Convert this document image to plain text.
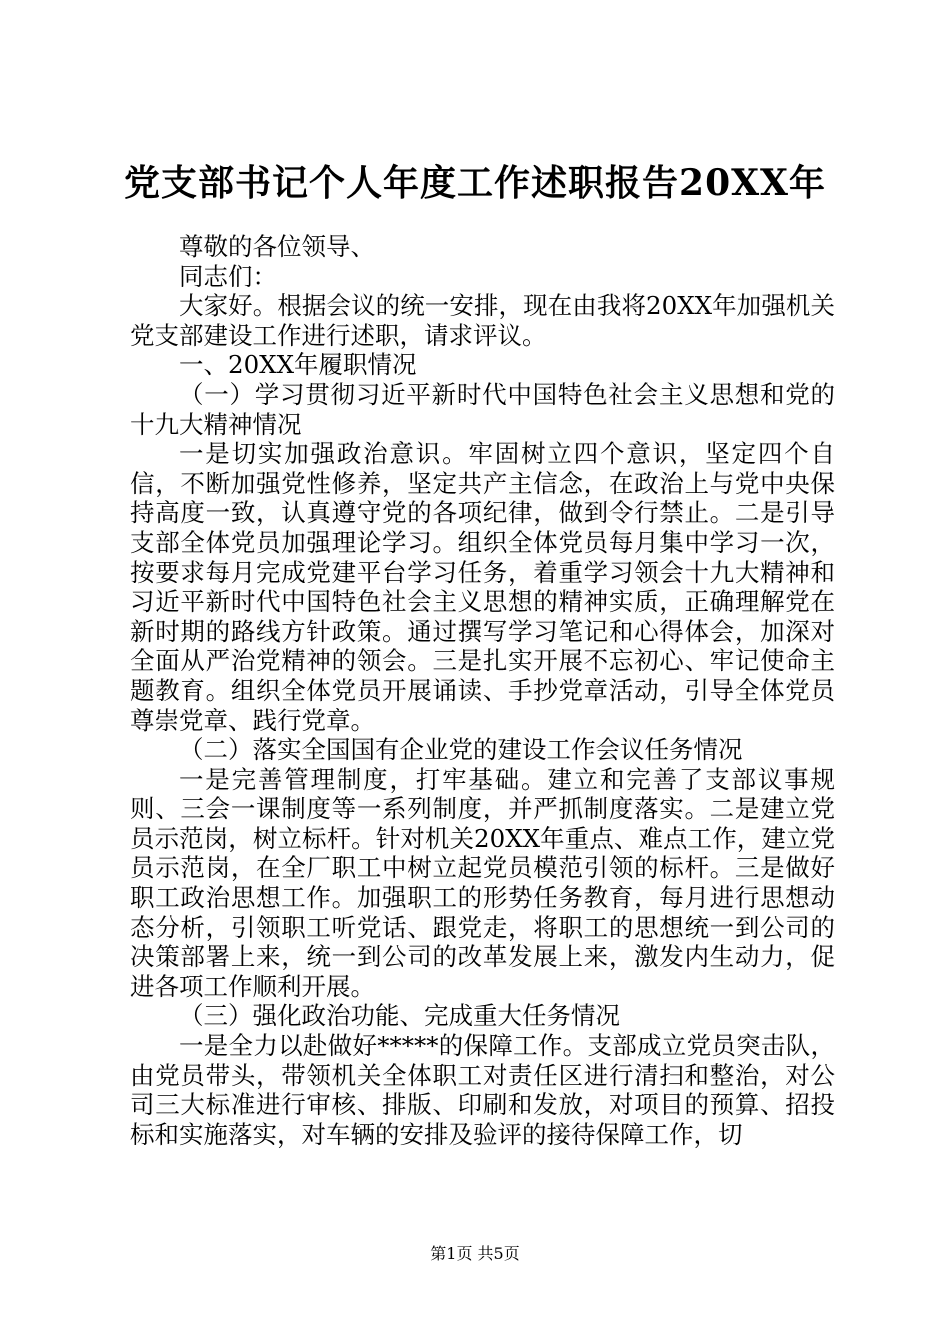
党支部书记个人年度工作述职报告20XX年

尊敬的各位领导、

同志们：

大家好。根据会议的统一安排，现在由我将20XX年加强机关党支部建设工作进行述职，请求评议。

一、20XX年履职情况

（一）学习贯彻习近平新时代中国特色社会主义思想和党的十九大精神情况

一是切实加强政治意识。牢固树立四个意识，坚定四个自信，不断加强党性修养，坚定共产主信念，在政治上与党中央保持高度一致，认真遵守党的各项纪律，做到令行禁止。二是引导支部全体党员加强理论学习。组织全体党员每月集中学习一次，按要求每月完成党建平台学习任务，着重学习领会十九大精神和习近平新时代中国特色社会主义思想的精神实质，正确理解党在新时期的路线方针政策。通过撰写学习笔记和心得体会，加深对全面从严治党精神的领会。三是扎实开展不忘初心、牢记使命主题教育。组织全体党员开展诵读、手抄党章活动，引导全体党员尊崇党章、践行党章。

（二）落实全国国有企业党的建设工作会议任务情况

一是完善管理制度，打牢基础。建立和完善了支部议事规则、三会一课制度等一系列制度，并严抓制度落实。二是建立党员示范岗，树立标杆。针对机关20XX年重点、难点工作，建立党员示范岗，在全厂职工中树立起党员模范引领的标杆。三是做好职工政治思想工作。加强职工的形势任务教育，每月进行思想动态分析，引领职工听党话、跟党走，将职工的思想统一到公司的决策部署上来，统一到公司的改革发展上来，激发内生动力，促进各项工作顺利开展。

（三）强化政治功能、完成重大任务情况

一是全力以赴做好*****的保障工作。支部成立党员突击队，由党员带头，带领机关全体职工对责任区进行清扫和整治，对公司三大标准进行审核、排版、印刷和发放，对项目的预算、招投标和实施落实，对车辆的安排及验评的接待保障工作，切

第1页 共5页
